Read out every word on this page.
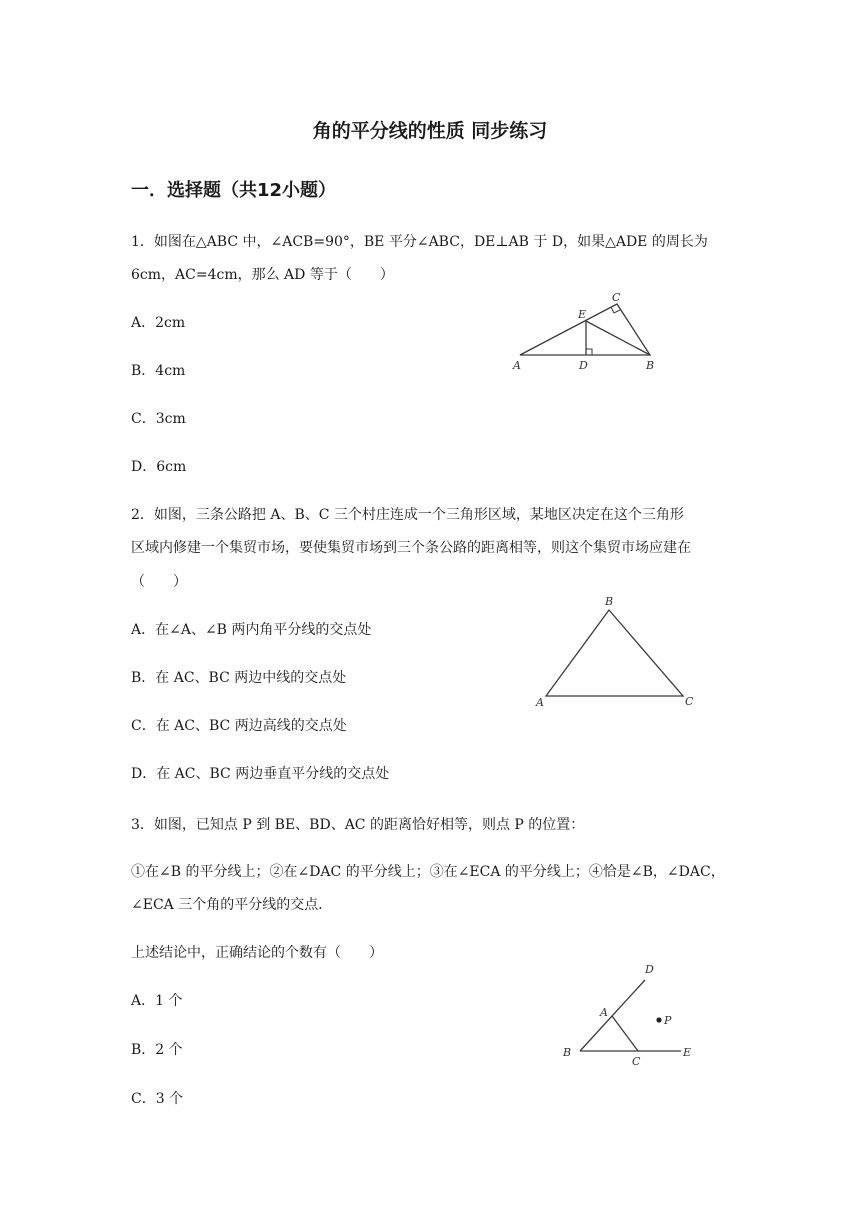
角的平分线的性质 同步练习
一．选择题（共12小题）
1．如图在△ABC 中，∠ACB=90°，BE 平分∠ABC，DE⊥AB 于 D，如果△ADE 的周长为
6cm，AC=4cm，那么 AD 等于（　　）
A．2cm
B．4cm
C．3cm
D．6cm
A	B
C
D
E
2．如图，三条公路把 A、B、C 三个村庄连成一个三角形区域，某地区决定在这个三角形
区域内修建一个集贸市场，要使集贸市场到三个条公路的距离相等，则这个集贸市场应建在
（　　）
A．在∠A、∠B 两内角平分线的交点处
B．在 AC、BC 两边中线的交点处
C．在 AC、BC 两边高线的交点处
D．在 AC、BC 两边垂直平分线的交点处
B
A	C
3．如图，已知点 P 到 BE、BD、AC 的距离恰好相等，则点 P 的位置：
①在∠B 的平分线上；②在∠DAC 的平分线上；③在∠ECA 的平分线上；④恰是∠B，∠DAC，
∠ECA 三个角的平分线的交点．
上述结论中，正确结论的个数有（　　）
A．1 个
B．2 个
C．3 个
D
A
P
B
C
E
